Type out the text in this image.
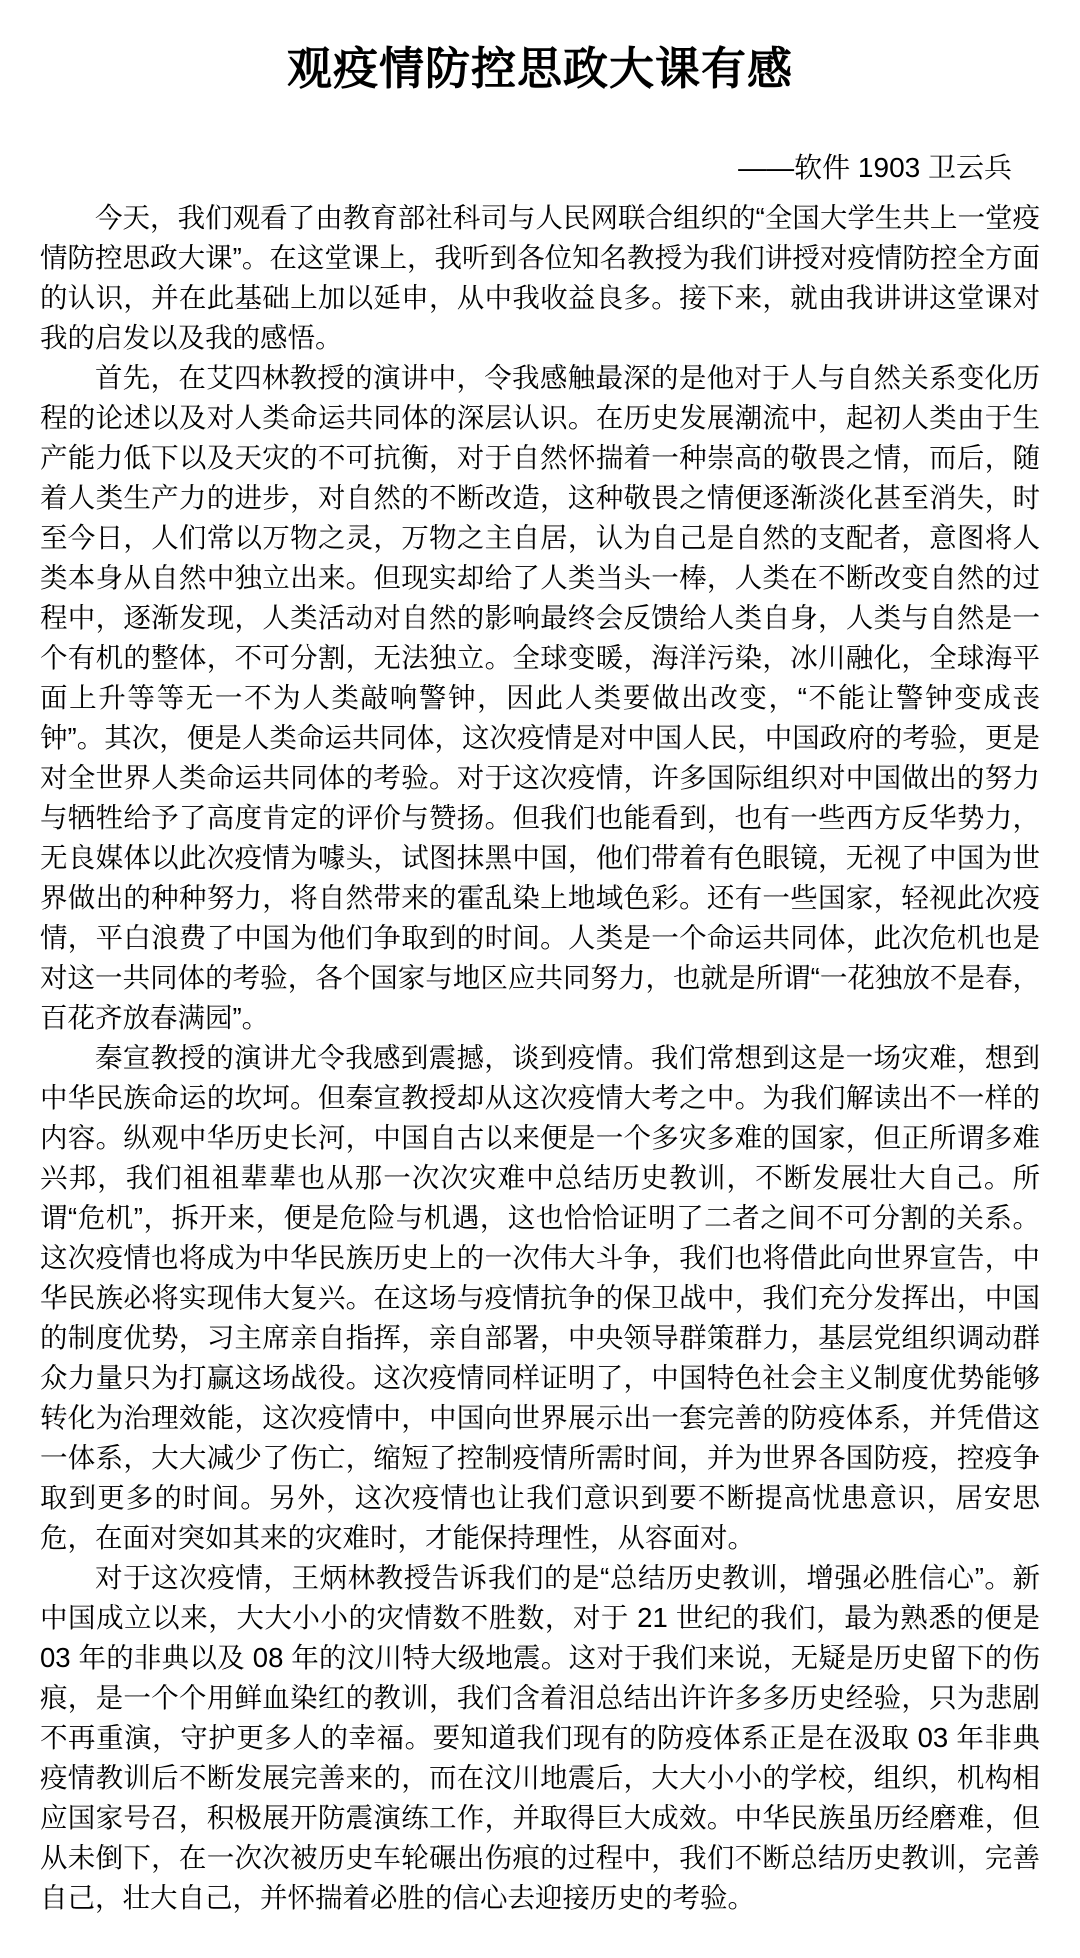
观疫情防控思政大课有感
——软件 1903 卫云兵

今天，我们观看了由教育部社科司与人民网联合组织的“全国大学生共上一堂疫情防控思政大课”。在这堂课上，我听到各位知名教授为我们讲授对疫情防控全方面的认识，并在此基础上加以延申，从中我收益良多。接下来，就由我讲讲这堂课对我的启发以及我的感悟。

首先，在艾四林教授的演讲中，令我感触最深的是他对于人与自然关系变化历程的论述以及对人类命运共同体的深层认识。在历史发展潮流中，起初人类由于生产能力低下以及天灾的不可抗衡，对于自然怀揣着一种崇高的敬畏之情，而后，随着人类生产力的进步，对自然的不断改造，这种敬畏之情便逐渐淡化甚至消失，时至今日，人们常以万物之灵，万物之主自居，认为自己是自然的支配者，意图将人类本身从自然中独立出来。但现实却给了人类当头一棒，人类在不断改变自然的过程中，逐渐发现，人类活动对自然的影响最终会反馈给人类自身，人类与自然是一个有机的整体，不可分割，无法独立。全球变暖，海洋污染，冰川融化，全球海平面上升等等无一不为人类敲响警钟，因此人类要做出改变，“不能让警钟变成丧钟”。其次，便是人类命运共同体，这次疫情是对中国人民，中国政府的考验，更是对全世界人类命运共同体的考验。对于这次疫情，许多国际组织对中国做出的努力与牺牲给予了高度肯定的评价与赞扬。但我们也能看到，也有一些西方反华势力，无良媒体以此次疫情为噱头，试图抹黑中国，他们带着有色眼镜，无视了中国为世界做出的种种努力，将自然带来的霍乱染上地域色彩。还有一些国家，轻视此次疫情，平白浪费了中国为他们争取到的时间。人类是一个命运共同体，此次危机也是对这一共同体的考验，各个国家与地区应共同努力，也就是所谓“一花独放不是春，百花齐放春满园”。

秦宣教授的演讲尤令我感到震撼，谈到疫情。我们常想到这是一场灾难，想到中华民族命运的坎坷。但秦宣教授却从这次疫情大考之中。为我们解读出不一样的内容。纵观中华历史长河，中国自古以来便是一个多灾多难的国家，但正所谓多难兴邦，我们祖祖辈辈也从那一次次灾难中总结历史教训，不断发展壮大自己。所谓“危机”，拆开来，便是危险与机遇，这也恰恰证明了二者之间不可分割的关系。这次疫情也将成为中华民族历史上的一次伟大斗争，我们也将借此向世界宣告，中华民族必将实现伟大复兴。在这场与疫情抗争的保卫战中，我们充分发挥出，中国的制度优势，习主席亲自指挥，亲自部署，中央领导群策群力，基层党组织调动群众力量只为打赢这场战役。这次疫情同样证明了，中国特色社会主义制度优势能够转化为治理效能，这次疫情中，中国向世界展示出一套完善的防疫体系，并凭借这一体系，大大减少了伤亡，缩短了控制疫情所需时间，并为世界各国防疫，控疫争取到更多的时间。另外，这次疫情也让我们意识到要不断提高忧患意识，居安思危，在面对突如其来的灾难时，才能保持理性，从容面对。

对于这次疫情，王炳林教授告诉我们的是“总结历史教训，增强必胜信心”。新中国成立以来，大大小小的灾情数不胜数，对于 21 世纪的我们，最为熟悉的便是 03 年的非典以及 08 年的汶川特大级地震。这对于我们来说，无疑是历史留下的伤痕，是一个个用鲜血染红的教训，我们含着泪总结出许许多多历史经验，只为悲剧不再重演，守护更多人的幸福。要知道我们现有的防疫体系正是在汲取 03 年非典疫情教训后不断发展完善来的，而在汶川地震后，大大小小的学校，组织，机构相应国家号召，积极展开防震演练工作，并取得巨大成效。中华民族虽历经磨难，但从未倒下，在一次次被历史车轮碾出伤痕的过程中，我们不断总结历史教训，完善自己，壮大自己，并怀揣着必胜的信心去迎接历史的考验。
